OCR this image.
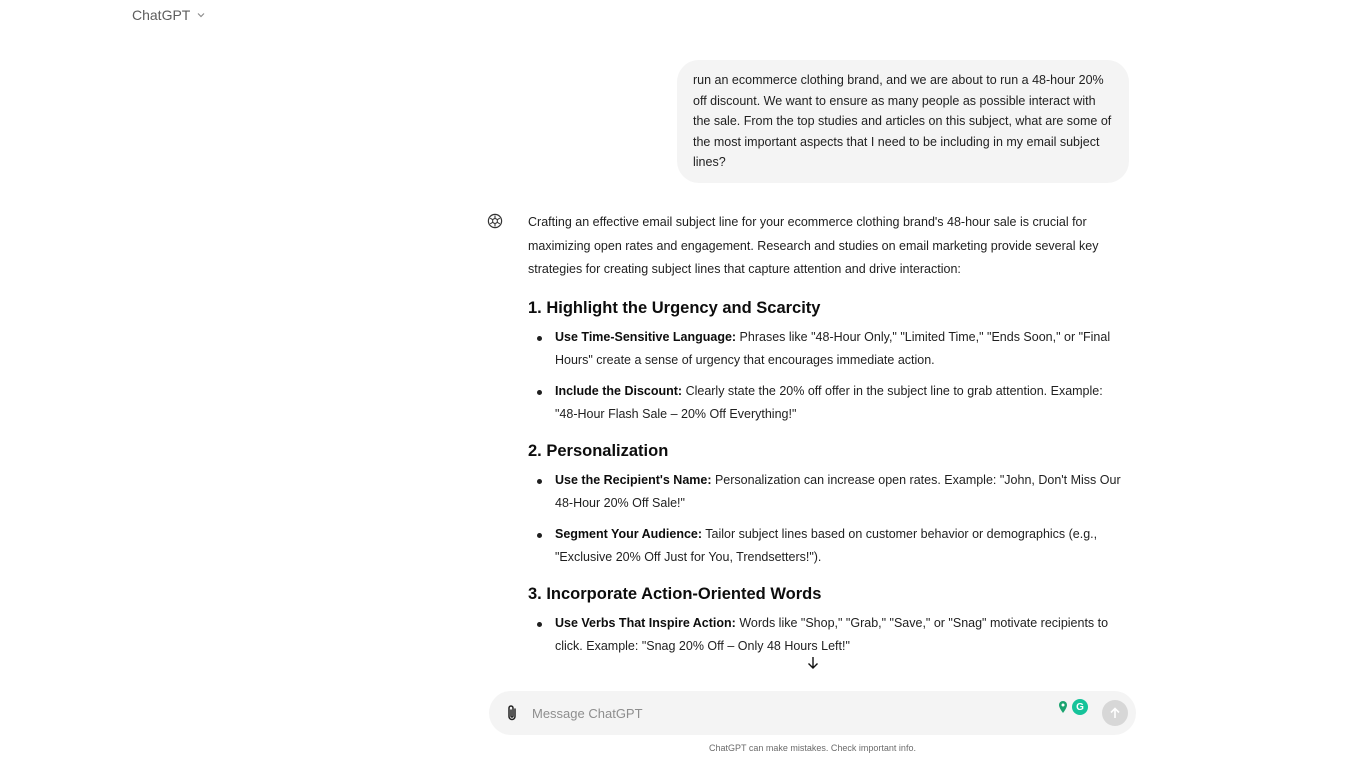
ChatGPT
run an ecommerce clothing brand, and we are about to run a 48-hour 20% off discount. We want to ensure as many people as possible interact with the sale. From the top studies and articles on this subject, what are some of the most important aspects that I need to be including in my email subject lines?

Crafting an effective email subject line for your ecommerce clothing brand's 48-hour sale is crucial for maximizing open rates and engagement. Research and studies on email marketing provide several key strategies for creating subject lines that capture attention and drive interaction:

1. Highlight the Urgency and Scarcity
Use Time-Sensitive Language: Phrases like "48-Hour Only," "Limited Time," "Ends Soon," or "Final Hours" create a sense of urgency that encourages immediate action.
Include the Discount: Clearly state the 20% off offer in the subject line to grab attention. Example: "48-Hour Flash Sale – 20% Off Everything!"
2. Personalization
Use the Recipient's Name: Personalization can increase open rates. Example: "John, Don't Miss Our 48-Hour 20% Off Sale!"
Segment Your Audience: Tailor subject lines based on customer behavior or demographics (e.g., "Exclusive 20% Off Just for You, Trendsetters!").
3. Incorporate Action-Oriented Words
Use Verbs That Inspire Action: Words like "Shop," "Grab," "Save," or "Snag" motivate recipients to click. Example: "Snag 20% Off – Only 48 Hours Left!"
Message ChatGPT
G
ChatGPT can make mistakes. Check important info.
